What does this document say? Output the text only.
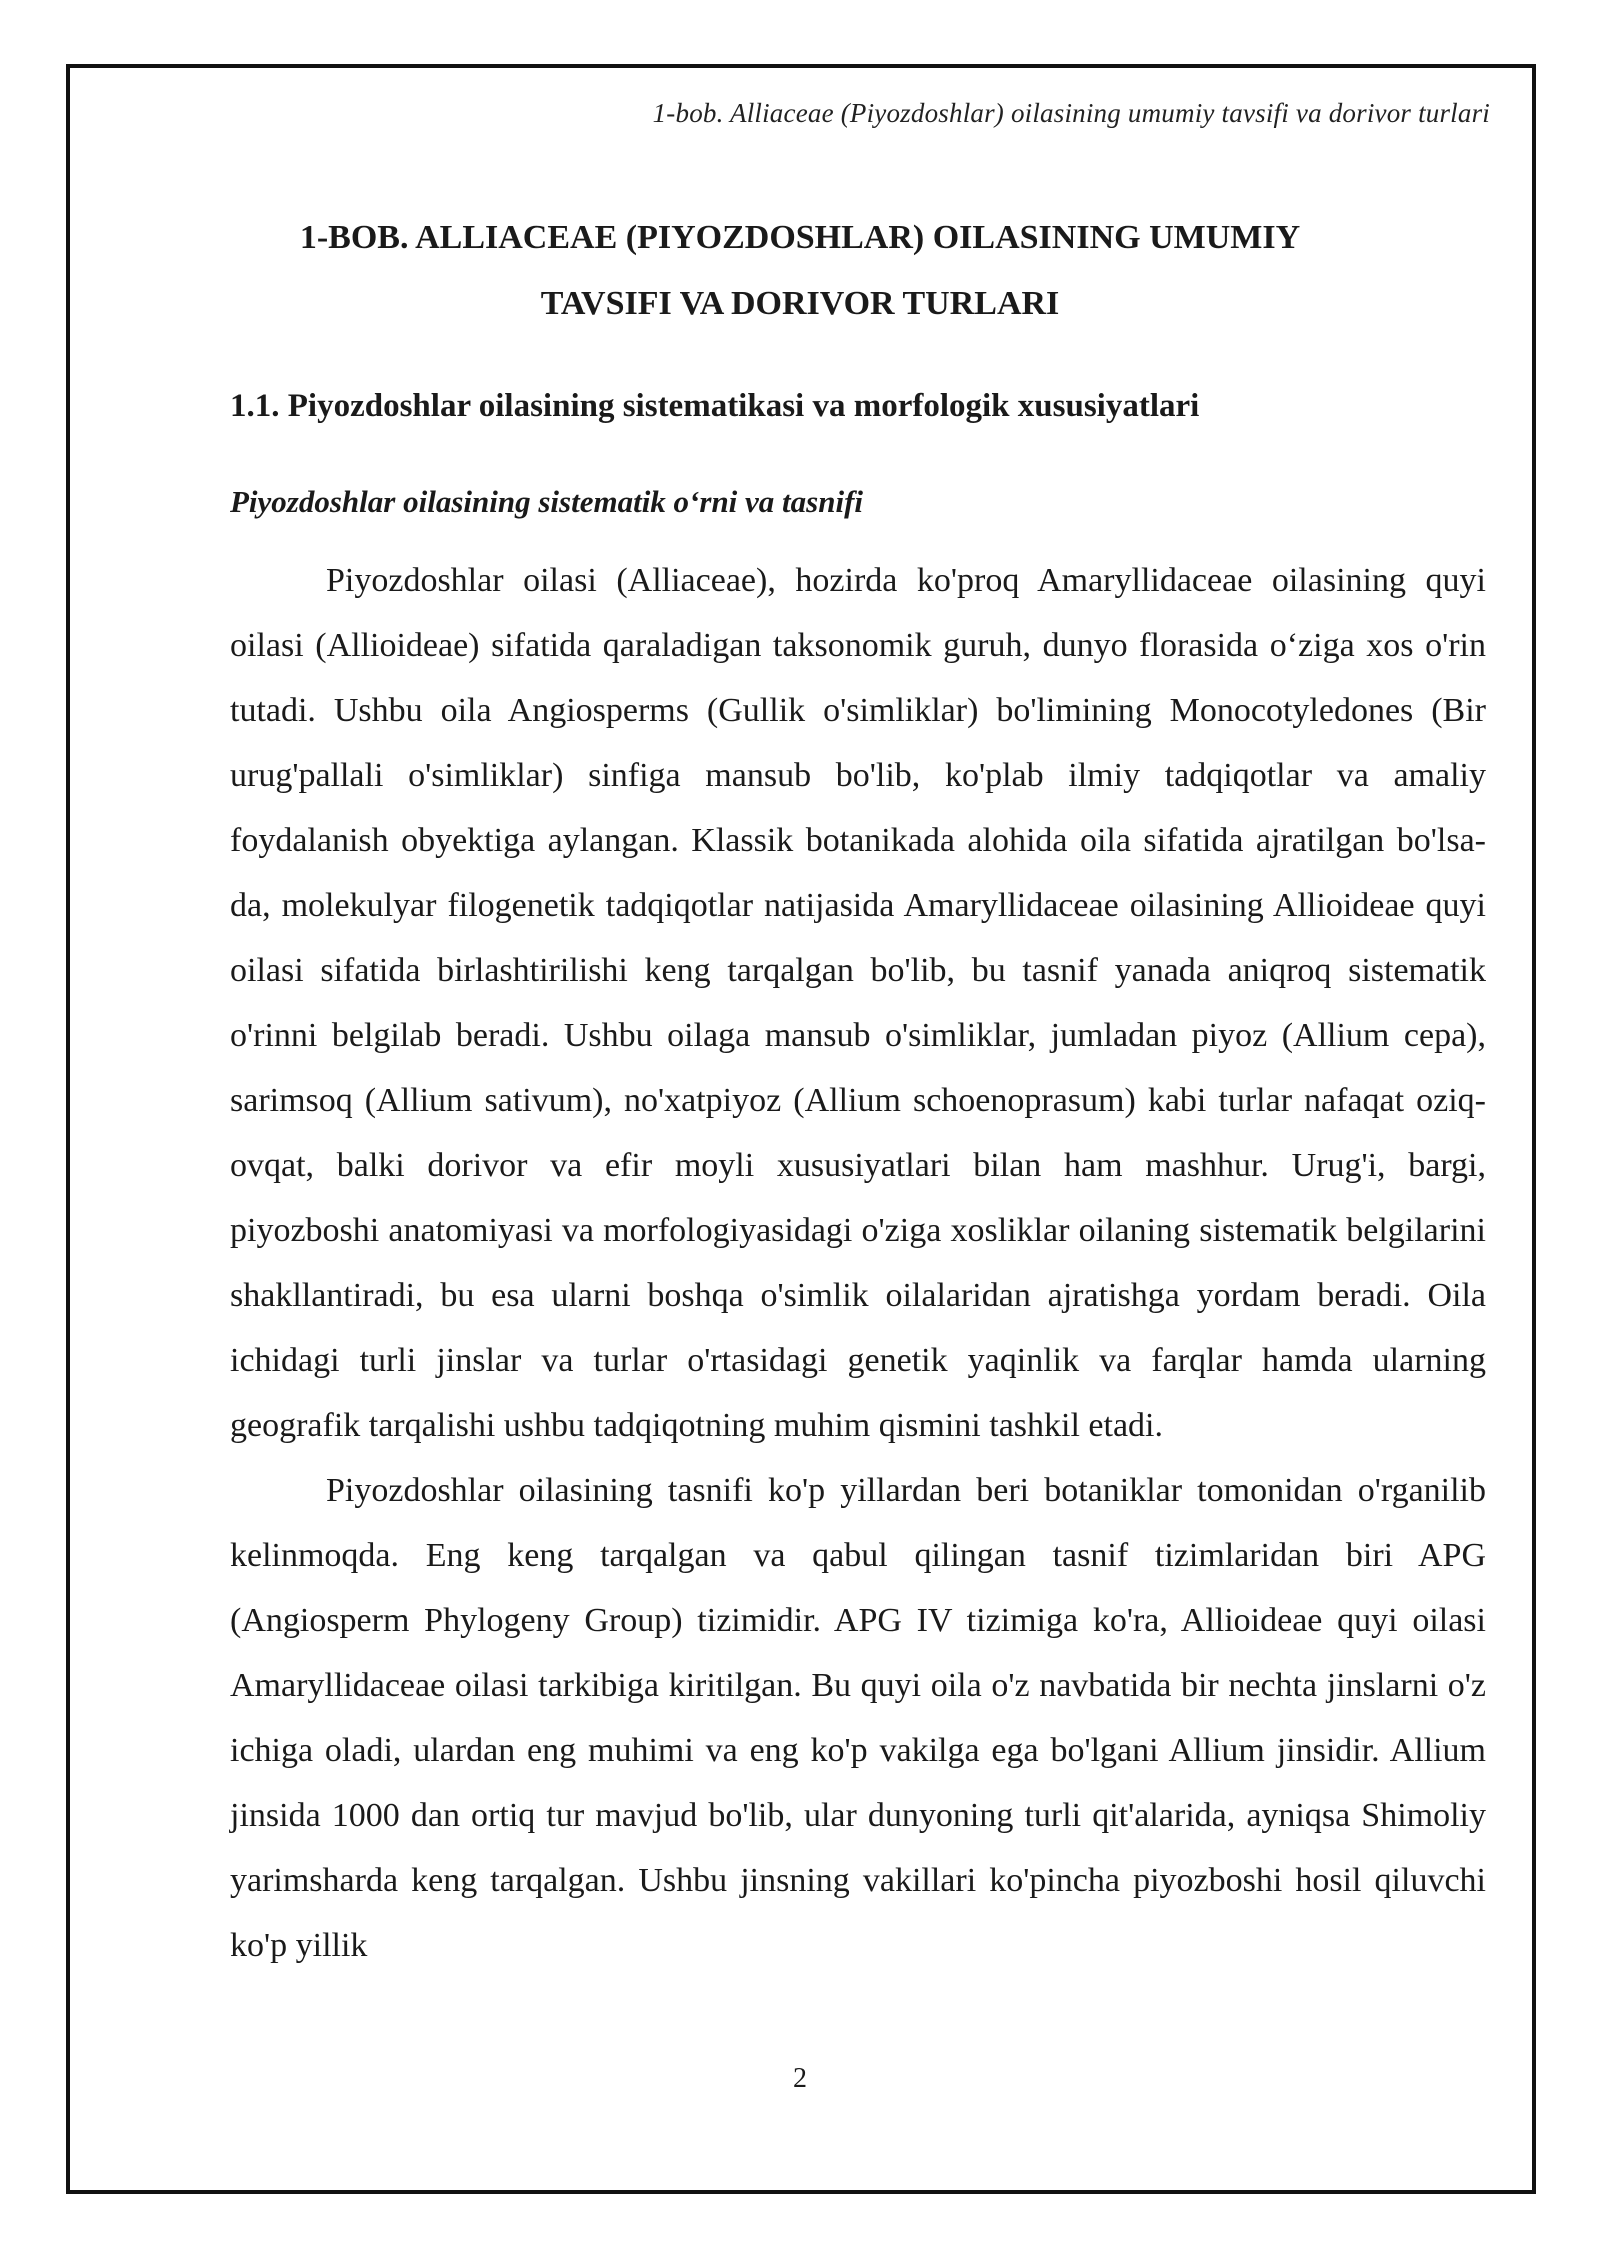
1-bob. Alliaceae (Piyozdoshlar) oilasining umumiy tavsifi va dorivor turlari
1-BOB. ALLIACEAE (PIYOZDOSHLAR) OILASINING UMUMIY
TAVSIFI VA DORIVOR TURLARI
1.1. Piyozdoshlar oilasining sistematikasi va morfologik xususiyatlari
Piyozdoshlar oilasining sistematik o‘rni va tasnifi

Piyozdoshlar oilasi (Alliaceae), hozirda ko'proq Amaryllidaceae oilasining quyi oilasi (Allioideae) sifatida qaraladigan taksonomik guruh, dunyo florasida o‘ziga xos o'rin tutadi. Ushbu oila Angiosperms (Gullik o'simliklar) bo'limining Monocotyledones (Bir urug'pallali o'simliklar) sinfiga mansub bo'lib, ko'plab ilmiy tadqiqotlar va amaliy foydalanish obyektiga aylangan. Klassik botanikada alohida oila sifatida ajratilgan bo'lsa-da, molekulyar filogenetik tadqiqotlar natijasida Amaryllidaceae oilasining Allioideae quyi oilasi sifatida birlashtirilishi keng tarqalgan bo'lib, bu tasnif yanada aniqroq sistematik o'rinni belgilab beradi. Ushbu oilaga mansub o'simliklar, jumladan piyoz (Allium cepa), sarimsoq (Allium sativum), no'xatpiyoz (Allium schoenoprasum) kabi turlar nafaqat oziq-ovqat, balki dorivor va efir moyli xususiyatlari bilan ham mashhur. Urug'i, bargi, piyozboshi anatomiyasi va morfologiyasidagi o'ziga xosliklar oilaning sistematik belgilarini shakllantiradi, bu esa ularni boshqa o'simlik oilalaridan ajratishga yordam beradi. Oila ichidagi turli jinslar va turlar o'rtasidagi genetik yaqinlik va farqlar hamda ularning geografik tarqalishi ushbu tadqiqotning muhim qismini tashkil etadi.

Piyozdoshlar oilasining tasnifi ko'p yillardan beri botaniklar tomonidan o'rganilib kelinmoqda. Eng keng tarqalgan va qabul qilingan tasnif tizimlaridan biri APG (Angiosperm Phylogeny Group) tizimidir. APG IV tizimiga ko'ra, Allioideae quyi oilasi Amaryllidaceae oilasi tarkibiga kiritilgan. Bu quyi oila o'z navbatida bir nechta jinslarni o'z ichiga oladi, ulardan eng muhimi va eng ko'p vakilga ega bo'lgani Allium jinsidir. Allium jinsida 1000 dan ortiq tur mavjud bo'lib, ular dunyoning turli qit'alarida, ayniqsa Shimoliy yarimsharda keng tarqalgan. Ushbu jinsning vakillari ko'pincha piyozboshi hosil qiluvchi ko'p yillik

2
